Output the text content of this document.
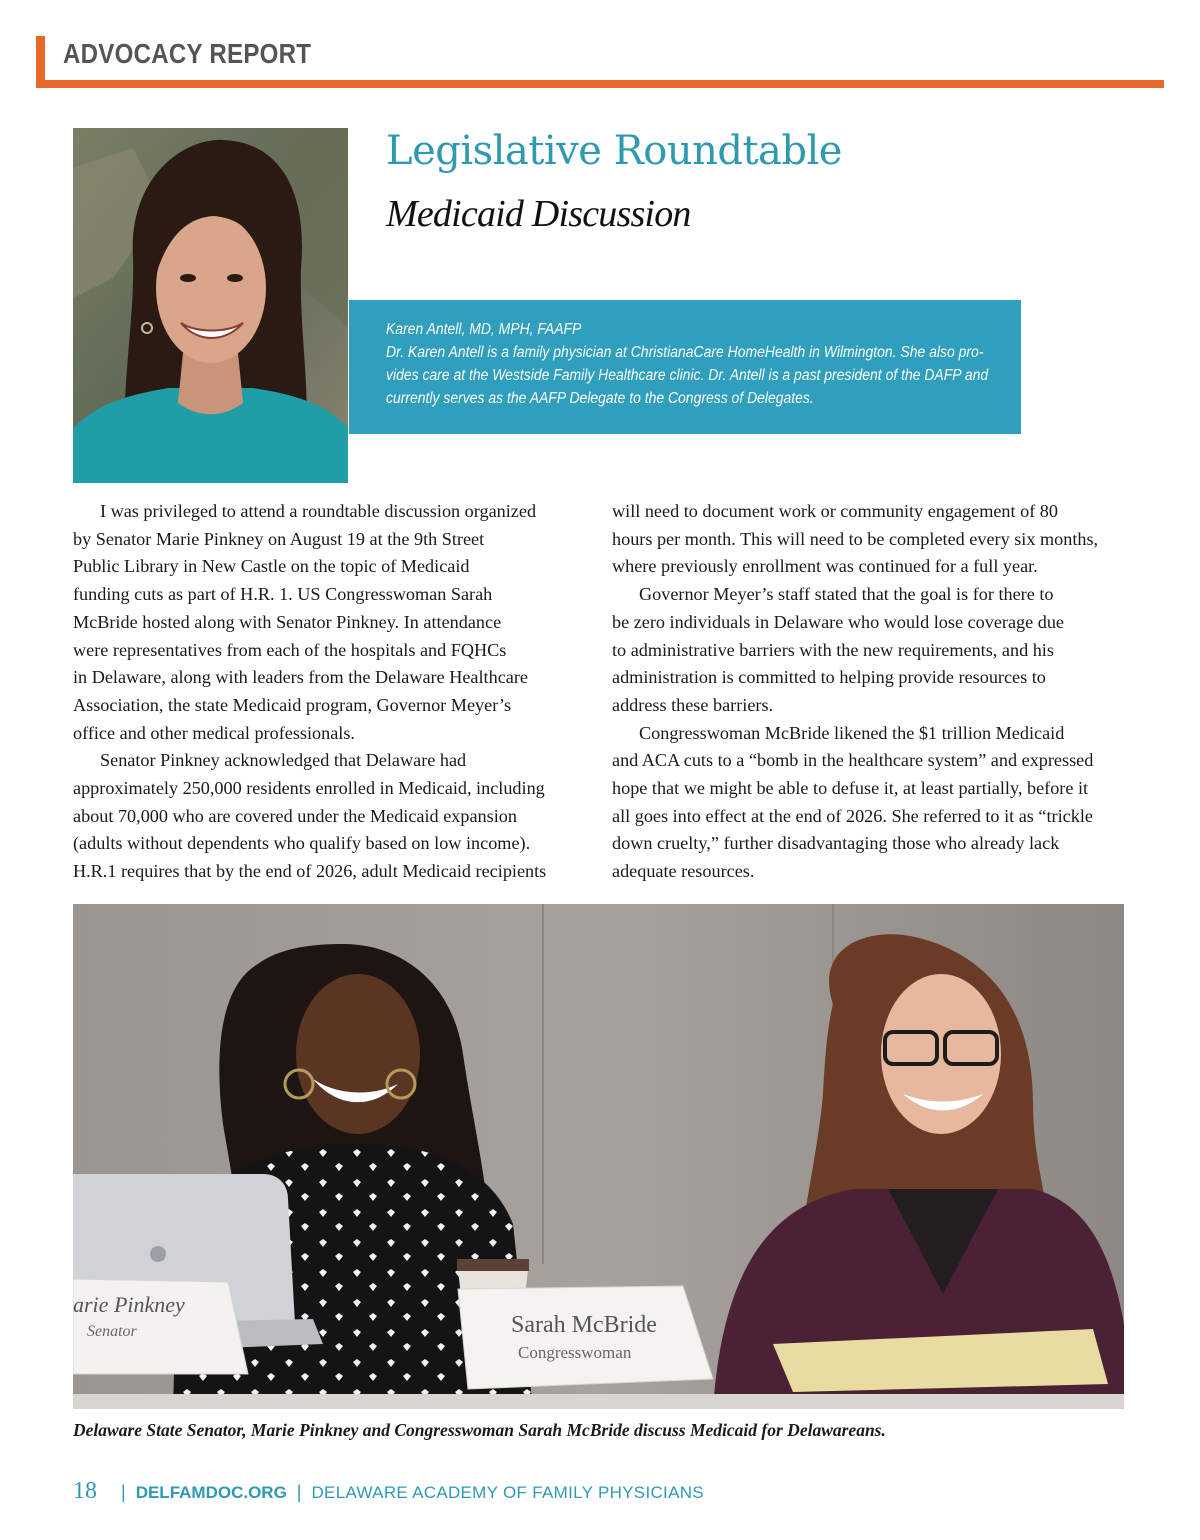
ADVOCACY REPORT
Legislative Roundtable
Medicaid Discussion
Karen Antell, MD, MPH, FAAFP
Dr. Karen Antell is a family physician at ChristianaCare HomeHealth in Wilmington. She also pro-
vides care at the Westside Family Healthcare clinic. Dr. Antell is a past president of the DAFP and
currently serves as the AAFP Delegate to the Congress of Delegates.
I was privileged to attend a roundtable discussion organized
by Senator Marie Pinkney on August 19 at the 9th Street
Public Library in New Castle on the topic of Medicaid
funding cuts as part of H.R. 1. US Congresswoman Sarah
McBride hosted along with Senator Pinkney. In attendance
were representatives from each of the hospitals and FQHCs
in Delaware, along with leaders from the Delaware Healthcare
Association, the state Medicaid program, Governor Meyer’s
office and other medical professionals.
Senator Pinkney acknowledged that Delaware had
approximately 250,000 residents enrolled in Medicaid, including
about 70,000 who are covered under the Medicaid expansion
(adults without dependents who qualify based on low income).
H.R.1 requires that by the end of 2026, adult Medicaid recipients
will need to document work or community engagement of 80
hours per month. This will need to be completed every six months,
where previously enrollment was continued for a full year.
Governor Meyer’s staff stated that the goal is for there to
be zero individuals in Delaware who would lose coverage due
to administrative barriers with the new requirements, and his
administration is committed to helping provide resources to
address these barriers.
Congresswoman McBride likened the $1 trillion Medicaid
and ACA cuts to a “bomb in the healthcare system” and expressed
hope that we might be able to defuse it, at least partially, before it
all goes into effect at the end of 2026. She referred to it as “trickle
down cruelty,” further disadvantaging those who already lack
adequate resources.
arie Pinkney
Senator	Sarah McBride
Congresswoman
Delaware State Senator, Marie Pinkney and Congresswoman Sarah McBride discuss Medicaid for Delawareans.
18 | DELFAMDOC.ORG | DELAWARE ACADEMY OF FAMILY PHYSICIANS
